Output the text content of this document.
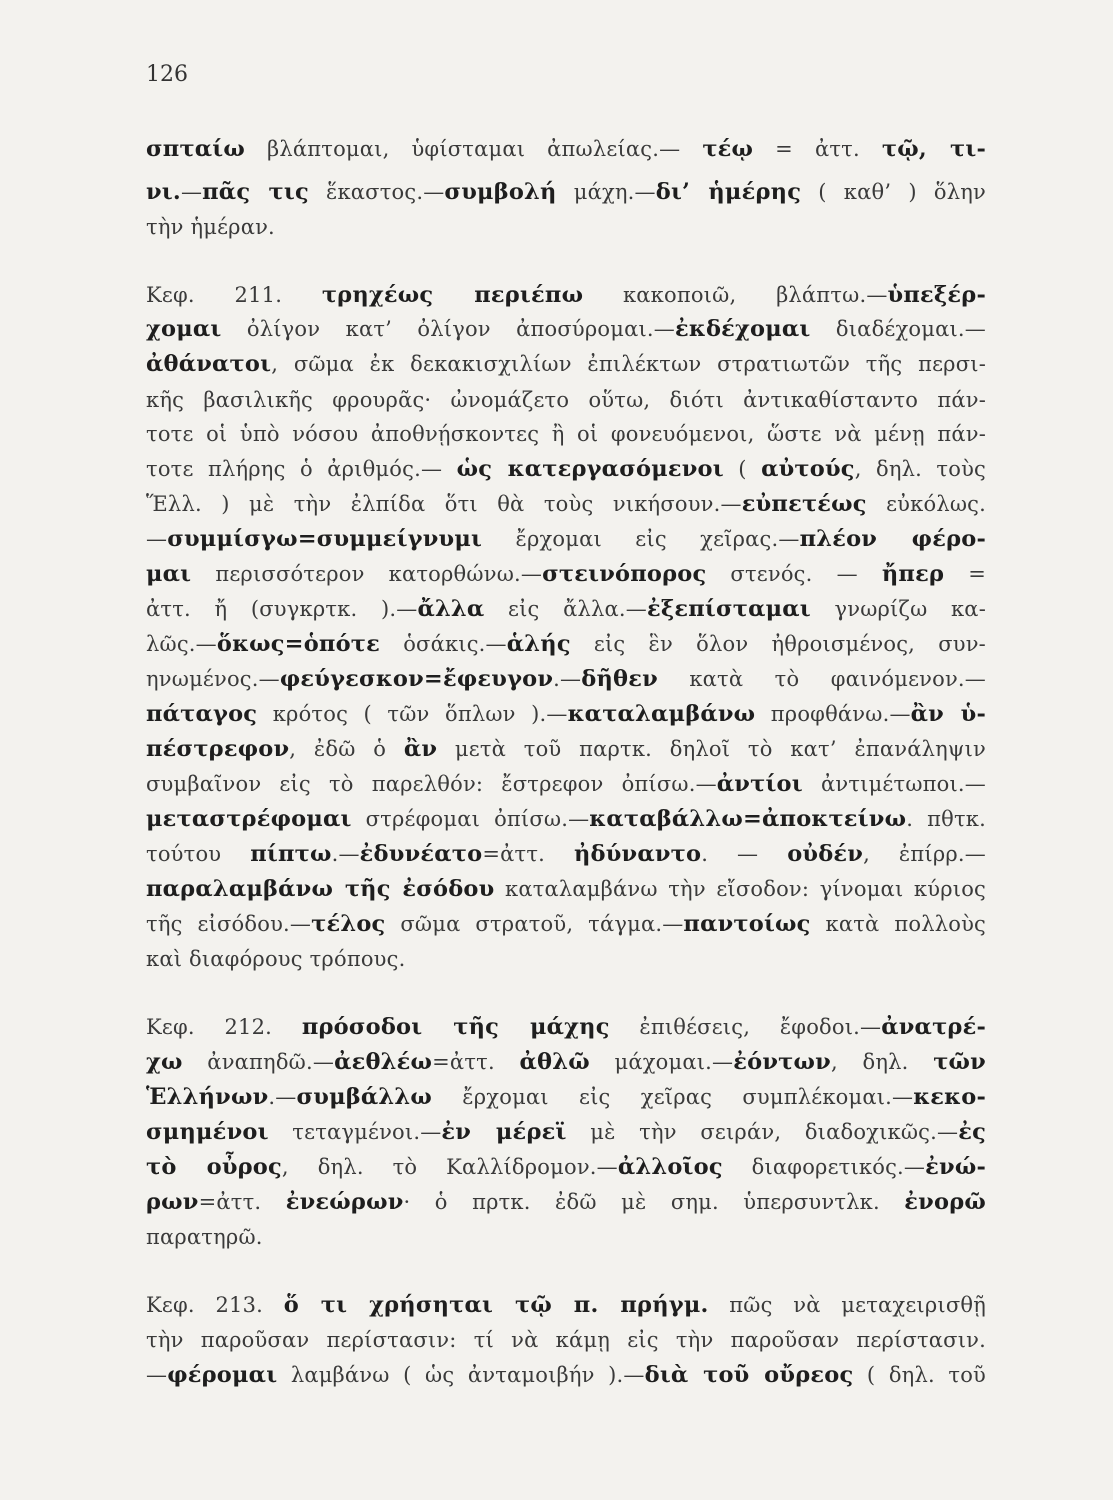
126
σπταίω βλάπτομαι, ὑφίσταμαι ἀπωλείας.— τέῳ = ἀττ. τῷ, τι-
νι.—πᾶς τις ἕκαστος.—συμβολή μάχη.—δι’ ἡμέρης ( καθ’ ) ὅλην
τὴν ἡμέραν.
Κεφ. 211. τρηχέως περιέπω κακοποιῶ, βλάπτω.—ὑπεξέρ-
χομαι ὀλίγον κατ’ ὀλίγον ἀποσύρομαι.—ἐκδέχομαι διαδέχομαι.—
ἀθάνατοι, σῶμα ἐκ δεκακισχιλίων ἐπιλέκτων στρατιωτῶν τῆς περσι-
κῆς βασιλικῆς φρουρᾶς· ὠνομάζετο οὕτω, διότι ἀντικαθίσταντο πάν-
τοτε οἱ ὑπὸ νόσου ἀποθνῄσκοντες ἢ οἱ φονευόμενοι, ὥστε νὰ μένῃ πάν-
τοτε πλήρης ὁ ἀριθμός.— ὡς κατεργασόμενοι ( αὐτούς, δηλ. τοὺς
Ἕλλ. ) μὲ τὴν ἐλπίδα ὅτι θὰ τοὺς νικήσουν.—εὐπετέως εὐκόλως.
—συμμίσγω=συμμείγνυμι ἔρχομαι εἰς χεῖρας.—πλέον φέρο-
μαι περισσότερον κατορθώνω.—στεινόπορος στενός. — ἤπερ =
ἀττ. ἤ (συγκρτκ. ).—ἄλλα εἰς ἄλλα.—ἐξεπίσταμαι γνωρίζω κα-
λῶς.—ὅκως=ὁπότε ὁσάκις.—ἁλής εἰς ἓν ὅλον ἠθροισμένος, συν-
ηνωμένος.—φεύγεσκον=ἔφευγον.—δῆθεν κατὰ τὸ φαινόμενον.—
πάταγος κρότος ( τῶν ὅπλων ).—καταλαμβάνω προφθάνω.—ἂν ὑ-
πέστρεφον, ἐδῶ ὁ ἂν μετὰ τοῦ παρτκ. δηλοῖ τὸ κατ’ ἐπανάληψιν
συμβαῖνον εἰς τὸ παρελθόν: ἔστρεφον ὀπίσω.—ἀντίοι ἀντιμέτωποι.—
μεταστρέφομαι στρέφομαι ὀπίσω.—καταβάλλω=ἀποκτείνω. πθτκ.
τούτου πίπτω.—ἐδυνέατο=ἀττ. ἠδύναντο. — οὐδέν, ἐπίρρ.—
παραλαμβάνω τῆς ἐσόδου καταλαμβάνω τὴν εἴσοδον: γίνομαι κύριος
τῆς εἰσόδου.—τέλος σῶμα στρατοῦ, τάγμα.—παντοίως κατὰ πολλοὺς
καὶ διαφόρους τρόπους.
Κεφ. 212. πρόσοδοι τῆς μάχης ἐπιθέσεις, ἔφοδοι.—ἀνατρέ-
χω ἀναπηδῶ.—ἀεθλέω=ἀττ. ἀθλῶ μάχομαι.—ἐόντων, δηλ. τῶν
Ἑλλήνων.—συμβάλλω ἔρχομαι εἰς χεῖρας συμπλέκομαι.—κεκο-
σμημένοι τεταγμένοι.—ἐν μέρεϊ μὲ τὴν σειράν, διαδοχικῶς.—ἐς
τὸ οὖρος, δηλ. τὸ Καλλίδρομον.—ἀλλοῖος διαφορετικός.—ἐνώ-
ρων=ἀττ. ἐνεώρων· ὁ πρτκ. ἐδῶ μὲ σημ. ὑπερσυντλκ. ἐνορῶ
παρατηρῶ.
Κεφ. 213. ὅ τι χρήσηται τῷ π. πρήγμ. πῶς νὰ μεταχειρισθῇ
τὴν παροῦσαν περίστασιν: τί νὰ κάμῃ εἰς τὴν παροῦσαν περίστασιν.
—φέρομαι λαμβάνω ( ὡς ἀνταμοιβήν ).—διὰ τοῦ οὔρεος ( δηλ. τοῦ
